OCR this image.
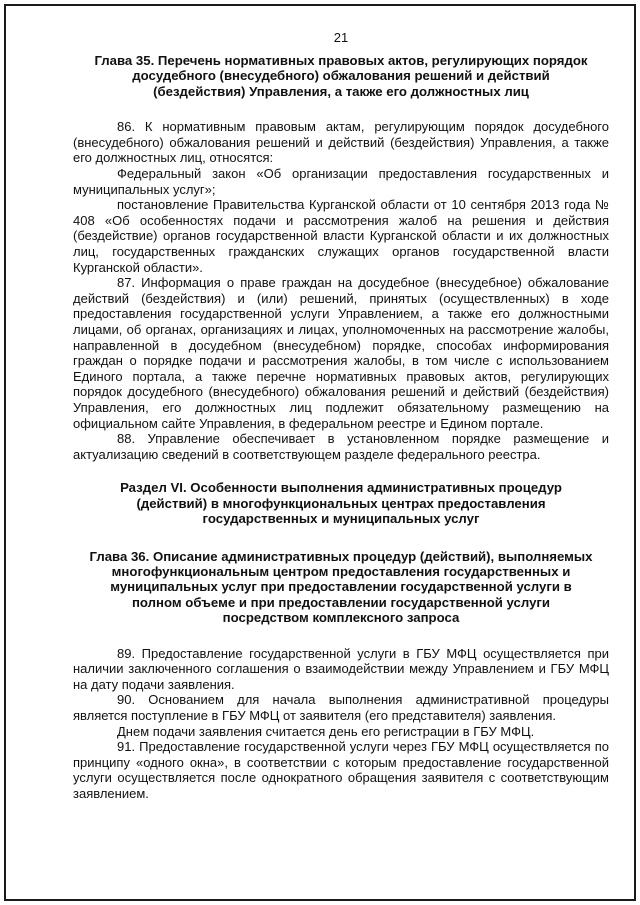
21
Глава 35. Перечень нормативных правовых актов, регулирующих порядок
досудебного (внесудебного) обжалования решений и действий
(бездействия) Управления, а также его должностных лиц

86. К нормативным правовым актам, регулирующим порядок досудебного (внесудебного) обжалования решений и действий (бездействия) Управления, а также его должностных лиц, относятся:

Федеральный закон «Об организации предоставления государственных и муниципальных услуг»;

постановление Правительства Курганской области от 10 сентября 2013 года № 408 «Об особенностях подачи и рассмотрения жалоб на решения и действия (бездействие) органов государственной власти Курганской области и их должностных лиц, государственных гражданских служащих органов государственной власти Курганской области».

87. Информация о праве граждан на досудебное (внесудебное) обжалование действий (бездействия) и (или) решений, принятых (осуществленных) в ходе предоставления государственной услуги Управлением, а также его должностными лицами, об органах, организациях и лицах, уполномоченных на рассмотрение жалобы, направленной в досудебном (внесудебном) порядке, способах информирования граждан о порядке подачи и рассмотрения жалобы, в том числе с использованием Единого портала, а также перечне нормативных правовых актов, регулирующих порядок досудебного (внесудебного) обжалования решений и действий (бездействия) Управления, его должностных лиц подлежит обязательному размещению на официальном сайте Управления, в федеральном реестре и Едином портале.

88. Управление обеспечивает в установленном порядке размещение и актуализацию сведений в соответствующем разделе федерального реестра.

Раздел VI. Особенности выполнения административных процедур
(действий) в многофункциональных центрах предоставления
государственных и муниципальных услуг
Глава 36. Описание административных процедур (действий), выполняемых
многофункциональным центром предоставления государственных и
муниципальных услуг при предоставлении государственной услуги в
полном объеме и при предоставлении государственной услуги
посредством комплексного запроса

89. Предоставление государственной услуги в ГБУ МФЦ осуществляется при наличии заключенного соглашения о взаимодействии между Управлением и ГБУ МФЦ на дату подачи заявления.

90. Основанием для начала выполнения административной процедуры является поступление в ГБУ МФЦ от заявителя (его представителя) заявления.

Днем подачи заявления считается день его регистрации в ГБУ МФЦ.

91. Предоставление государственной услуги через ГБУ МФЦ осуществляется по принципу «одного окна», в соответствии с которым предоставление государственной услуги осуществляется после однократного обращения заявителя с соответствующим заявлением.
